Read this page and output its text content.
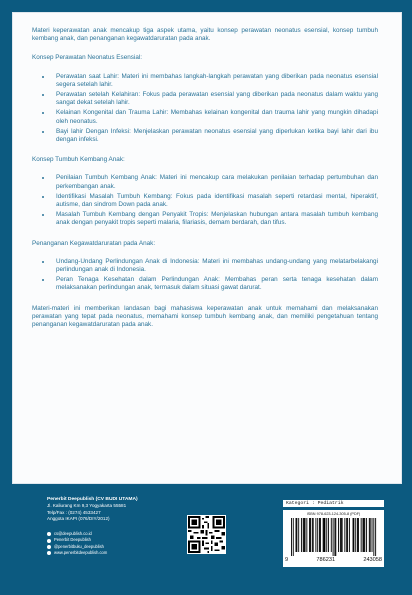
Materi keperawatan anak mencakup tiga aspek utama, yaitu konsep perawatan neonatus esensial, konsep tumbuh kembang anak, dan penanganan kegawatdaruratan pada anak.

Konsep Perawatan Neonatus Esensial:

• Perawatan saat Lahir: Materi ini membahas langkah-langkah perawatan yang diberikan pada neonatus esensial segera setelah lahir.
• Perawatan setelah Kelahiran: Fokus pada perawatan esensial yang diberikan pada neonatus dalam waktu yang sangat dekat setelah lahir.
• Kelainan Kongenital dan Trauma Lahir: Membahas kelainan kongenital dan trauma lahir yang mungkin dihadapi oleh neonatus.
• Bayi lahir Dengan Infeksi: Menjelaskan perawatan neonatus esensial yang diperlukan ketika bayi lahir dari ibu dengan infeksi.

Konsep Tumbuh Kembang Anak:

• Penilaian Tumbuh Kembang Anak: Materi ini mencakup cara melakukan penilaian terhadap pertumbuhan dan perkembangan anak.
• Identifikasi Masalah Tumbuh Kembang: Fokus pada identifikasi masalah seperti retardasi mental, hiperaktif, autisme, dan sindrom Down pada anak.
• Masalah Tumbuh Kembang dengan Penyakit Tropis: Menjelaskan hubungan antara masalah tumbuh kembang anak dengan penyakit tropis seperti malaria, filariasis, demam berdarah, dan tifus.

Penanganan Kegawatdaruratan pada Anak:

• Undang-Undang Perlindungan Anak di Indonesia: Materi ini membahas undang-undang yang melatarbelakangi perlindungan anak di Indonesia.
• Peran Tenaga Kesehatan dalam Perlindungan Anak: Membahas peran serta tenaga kesehatan dalam melaksanakan perlindungan anak, termasuk dalam situasi gawat darurat.

Materi-materi ini memberikan landasan bagi mahasiswa keperawatan anak untuk memahami dan melaksanakan perawatan yang tepat pada neonatus, memahami konsep tumbuh kembang anak, dan memiliki pengetahuan tentang penanganan kegawatdaruratan pada anak.

Penerbit Deepublish (CV BUDI UTAMA)
Jl. Kaliurang Km 9,3 Yogyakarta 55581
Telp/Fax : (0274) 4533427
Anggota IKAPI (076/DIY/2012)
cs@deepublish.co.id
Penerbit Deepublish
@penerbitbuku_deepublish
www.penerbitdeepublish.com
Kategori : Pediatrik
ISBN 978-623-124-305-8 (PDF)
9	786231	243058
